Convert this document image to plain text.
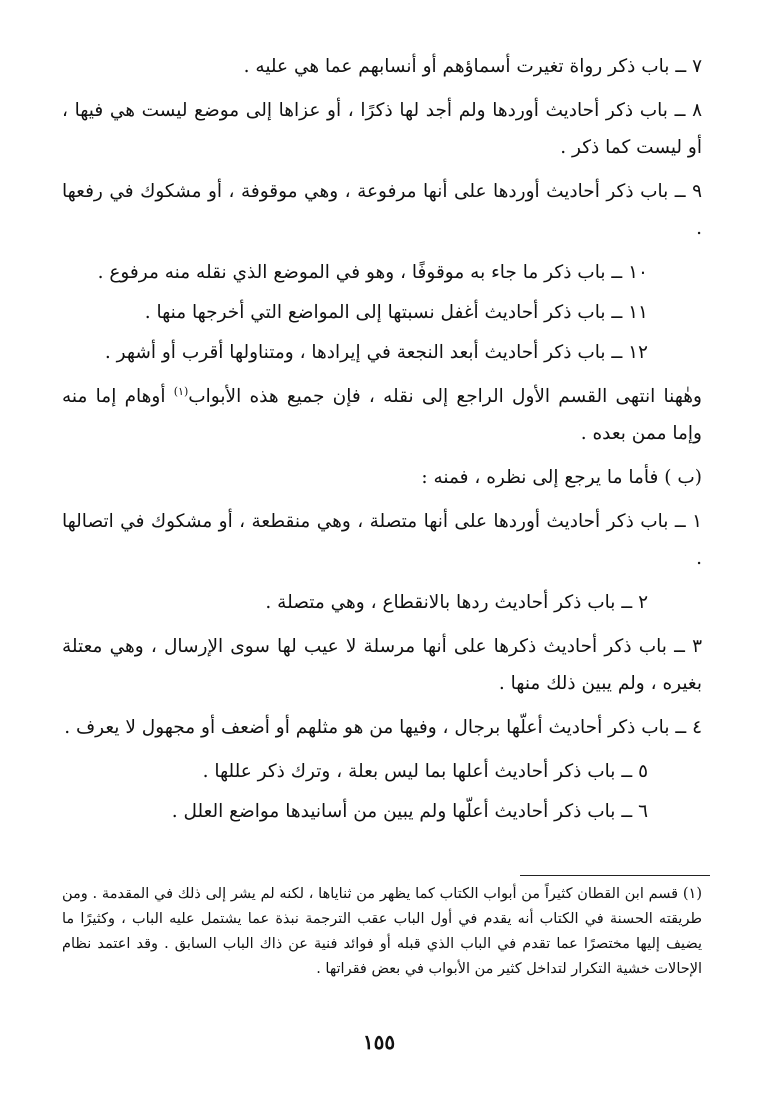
٧ ــ باب ذكر رواة تغيرت أسماؤهم أو أنسابهم عما هي عليه .

٨ ــ باب ذكر أحاديث أوردها ولم أجد لها ذكرًا ، أو عزاها إلى موضع ليست هي فيها ، أو ليست كما ذكر .

٩ ــ باب ذكر أحاديث أوردها على أنها مرفوعة ، وهي موقوفة ، أو مشكوك في رفعها .

١٠ ــ باب ذكر ما جاء به موقوفًا ، وهو في الموضع الذي نقله منه مرفوع .

١١ ــ باب ذكر أحاديث أغفل نسبتها إلى المواضع التي أخرجها منها .

١٢ ــ باب ذكر أحاديث أبعد النجعة في إيرادها ، ومتناولها أقرب أو أشهر .

وهٰهنا انتهى القسم الأول الراجع إلى نقله ، فإن جميع هذه الأبواب$^{(١)}$ أوهام إما منه وإما ممن بعده .

(ب ) فأما ما يرجع إلى نظره ، فمنه :

١ ــ باب ذكر أحاديث أوردها على أنها متصلة ، وهي منقطعة ، أو مشكوك في اتصالها .

٢ ــ باب ذكر أحاديث ردها بالانقطاع ، وهي متصلة .

٣ ــ باب ذكر أحاديث ذكرها على أنها مرسلة لا عيب لها سوى الإرسال ، وهي معتلة بغيره ، ولم يبين ذلك منها .

٤ ــ باب ذكر أحاديث أعلّها برجال ، وفيها من هو مثلهم أو أضعف أو مجهول لا يعرف .

٥ ــ باب ذكر أحاديث أعلها بما ليس بعلة ، وترك ذكر عللها .

٦ ــ باب ذكر أحاديث أعلّها ولم يبين من أسانيدها مواضع العلل .

(١) قسم ابن القطان كثيراً من أبواب الكتاب كما يظهر من ثناياها ، لكنه لم يشر إلى ذلك في المقدمة . ومن طريقته الحسنة في الكتاب أنه يقدم في أول الباب عقب الترجمة نبذة عما يشتمل عليه الباب ، وكثيرًا ما يضيف إليها مختصرًا عما تقدم في الباب الذي قبله أو فوائد فنية عن ذاك الباب السابق . وقد اعتمد نظام الإحالات خشية التكرار لتداخل كثير من الأبواب في بعض فقراتها .
١٥٥
